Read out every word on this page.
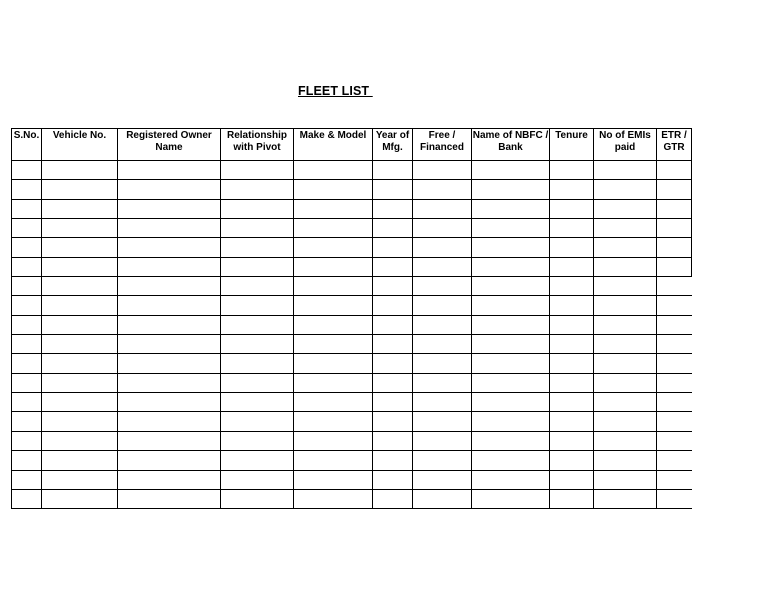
FLEET LIST
S.No.	Vehicle No.	Registered Owner Name	Relationship with Pivot	Make & Model	Year of Mfg.	Free / Financed	Name of NBFC / Bank	Tenure	No of EMIs paid	ETR / GTR
